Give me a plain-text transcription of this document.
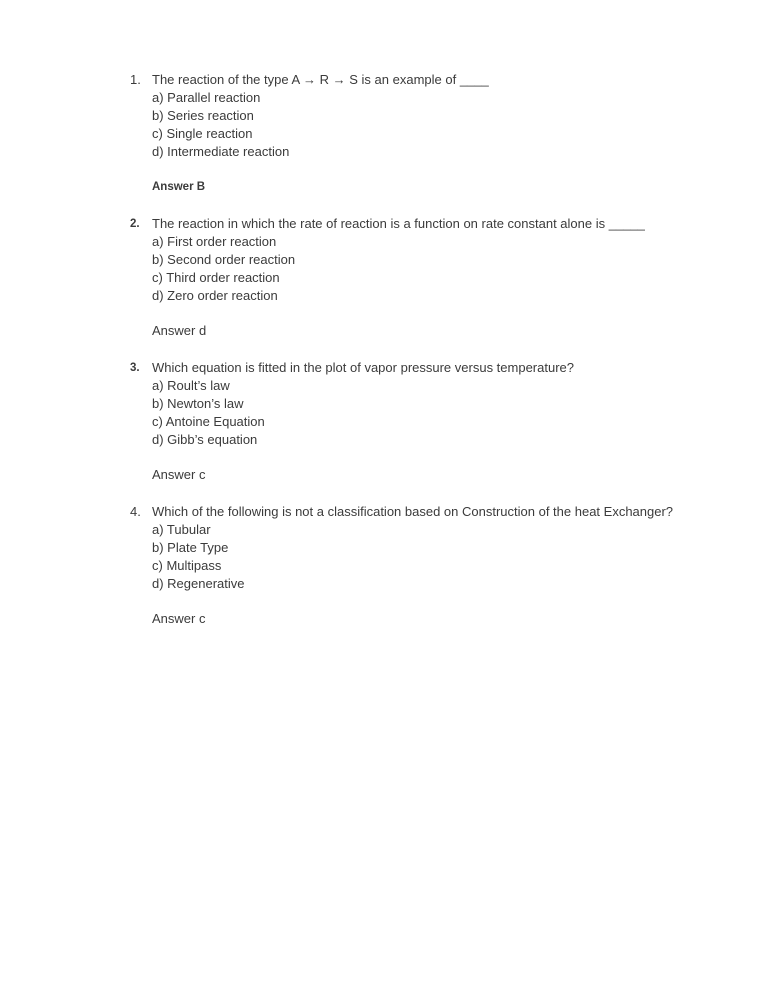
1. The reaction of the type A → R → S is an example of ____
a) Parallel reaction
b) Series reaction
c) Single reaction
d) Intermediate reaction
Answer B
2. The reaction in which the rate of reaction is a function on rate constant alone is _____
a) First order reaction
b) Second order reaction
c) Third order reaction
d) Zero order reaction
Answer d
3. Which equation is fitted in the plot of vapor pressure versus temperature?
a) Roult’s law
b) Newton’s law
c) Antoine Equation
d) Gibb’s equation
Answer c
4. Which of the following is not a classification based on Construction of the heat Exchanger?
a) Tubular
b) Plate Type
c) Multipass
d) Regenerative
Answer c
